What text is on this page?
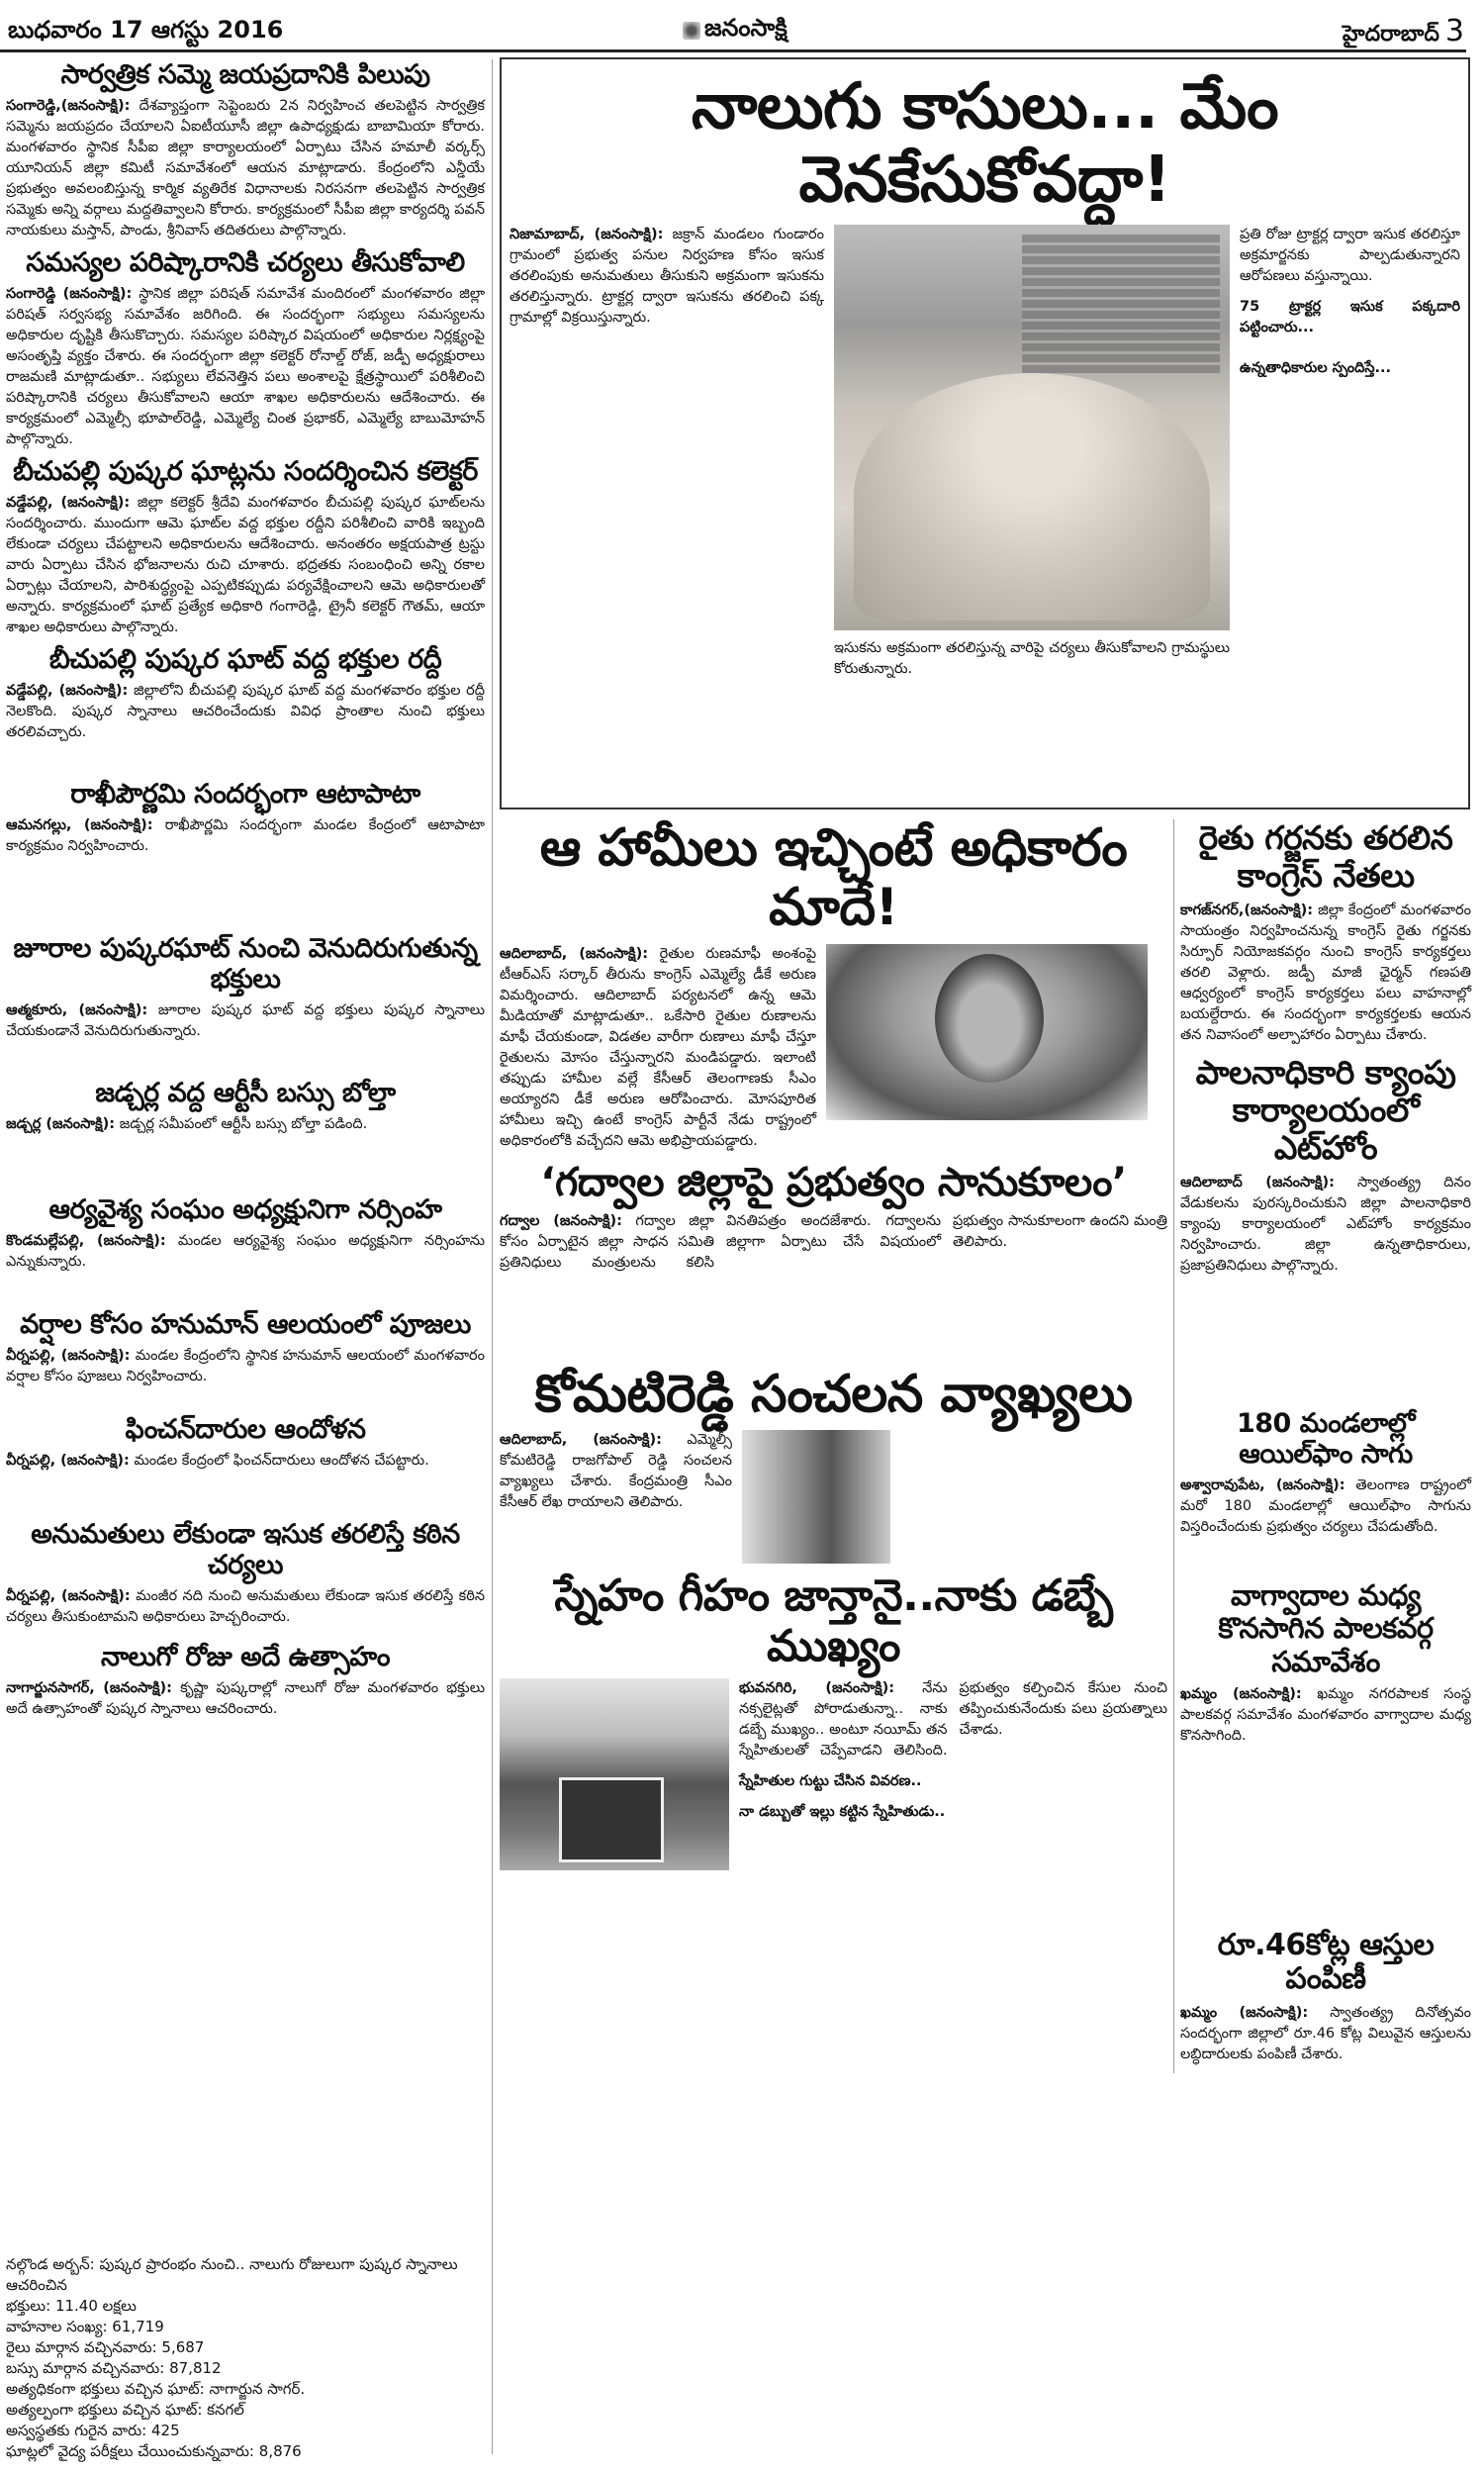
బుధవారం 17 ఆగస్టు 2016	జనంసాక్షి	హైదరాబాద్ 3
సార్వత్రిక సమ్మె జయప్రదానికి పిలుపు

సంగారెడ్డి,(జనంసాక్షి): దేశవ్యాప్తంగా సెప్టెంబరు 2న నిర్వహించ తలపెట్టిన సార్వత్రిక సమ్మెను జయప్రదం చేయాలని ఏఐటీయూసీ జిల్లా ఉపాధ్యక్షుడు బాబామియా కోరారు. మంగళవారం స్థానిక సీపీఐ జిల్లా కార్యాలయంలో ఏర్పాటు చేసిన హమాలీ వర్కర్స్ యూనియన్ జిల్లా కమిటీ సమావేశంలో ఆయన మాట్లాడారు. కేంద్రంలోని ఎన్డీయే ప్రభుత్వం అవలంబిస్తున్న కార్మిక వ్యతిరేక విధానాలకు నిరసనగా తలపెట్టిన సార్వత్రిక సమ్మెకు అన్ని వర్గాలు మద్దతివ్వాలని కోరారు. కార్యక్రమంలో సీపీఐ జిల్లా కార్యదర్శి పవన్ నాయకులు మస్తాన్, పాండు, శ్రీనివాస్ తదితరులు పాల్గొన్నారు.

సమస్యల పరిష్కారానికి చర్యలు తీసుకోవాలి

సంగారెడ్డి (జనంసాక్షి): స్థానిక జిల్లా పరిషత్ సమావేశ మందిరంలో మంగళవారం జిల్లా పరిషత్ సర్వసభ్య సమావేశం జరిగింది. ఈ సందర్భంగా సభ్యులు సమస్యలను అధికారుల దృష్టికి తీసుకొచ్చారు. సమస్యల పరిష్కార విషయంలో అధికారుల నిర్లక్ష్యంపై అసంతృప్తి వ్యక్తం చేశారు. ఈ సందర్భంగా జిల్లా కలెక్టర్ రోనాల్డ్ రోజ్, జడ్పీ అధ్యక్షురాలు రాజమణి మాట్లాడుతూ.. సభ్యులు లేవనెత్తిన పలు అంశాలపై క్షేత్రస్థాయిలో పరిశీలించి పరిష్కారానికి చర్యలు తీసుకోవాలని ఆయా శాఖల అధికారులను ఆదేశించారు. ఈ కార్యక్రమంలో ఎమ్మెల్సీ భూపాల్‌రెడ్డి, ఎమ్మెల్యే చింత ప్రభాకర్, ఎమ్మెల్యే బాబుమోహన్ పాల్గొన్నారు.

బీచుపల్లి పుష్కర ఘాట్లను సందర్శించిన కలెక్టర్

వడ్డేపల్లి, (జనంసాక్షి): జిల్లా కలెక్టర్ శ్రీదేవి మంగళవారం బీచుపల్లి పుష్కర ఘాట్‌లను సందర్శించారు. ముందుగా ఆమె ఘాట్‌ల వద్ద భక్తుల రద్దీని పరిశీలించి వారికి ఇబ్బంది లేకుండా చర్యలు చేపట్టాలని అధికారులను ఆదేశించారు. అనంతరం అక్షయపాత్ర ట్రస్టు వారు ఏర్పాటు చేసిన భోజనాలను రుచి చూశారు. భద్రతకు సంబంధించి అన్ని రకాల ఏర్పాట్లు చేయాలని, పారిశుద్ధ్యంపై ఎప్పటికప్పుడు పర్యవేక్షించాలని ఆమె అధికారులతో అన్నారు. కార్యక్రమంలో ఘాట్ ప్రత్యేక అధికారి గంగారెడ్డి, ట్రైనీ కలెక్టర్ గౌతమ్, ఆయా శాఖల అధికారులు పాల్గొన్నారు.

బీచుపల్లి పుష్కర ఘాట్ వద్ద భక్తుల రద్దీ

వడ్డేపల్లి, (జనంసాక్షి): జిల్లాలోని బీచుపల్లి పుష్కర ఘాట్ వద్ద మంగళవారం భక్తుల రద్దీ నెలకొంది. పుష్కర స్నానాలు ఆచరించేందుకు వివిధ ప్రాంతాల నుంచి భక్తులు తరలివచ్చారు.

రాఖీపౌర్ణమి సందర్భంగా ఆటాపాటా

ఆమనగల్లు, (జనంసాక్షి): రాఖీపౌర్ణమి సందర్భంగా మండల కేంద్రంలో ఆటాపాటా కార్యక్రమం నిర్వహించారు.

జూరాల పుష్కరఘాట్ నుంచి వెనుదిరుగుతున్న భక్తులు

ఆత్మకూరు, (జనంసాక్షి): జూరాల పుష్కర ఘాట్ వద్ద భక్తులు పుష్కర స్నానాలు చేయకుండానే వెనుదిరుగుతున్నారు.

జడ్చర్ల వద్ద ఆర్టీసీ బస్సు బోల్తా

జడ్చర్ల (జనంసాక్షి): జడ్చర్ల సమీపంలో ఆర్టీసీ బస్సు బోల్తా పడింది.

ఆర్యవైశ్య సంఘం అధ్యక్షునిగా నర్సింహ

కొండమల్లేపల్లి, (జనంసాక్షి): మండల ఆర్యవైశ్య సంఘం అధ్యక్షునిగా నర్సింహను ఎన్నుకున్నారు.

వర్షాల కోసం హనుమాన్ ఆలయంలో పూజలు

వీర్నపల్లి, (జనంసాక్షి): మండల కేంద్రంలోని స్థానిక హనుమాన్ ఆలయంలో మంగళవారం వర్షాల కోసం పూజలు నిర్వహించారు.

ఫించన్‌దారుల ఆందోళన

వీర్నపల్లి, (జనంసాక్షి): మండల కేంద్రంలో ఫించన్‌దారులు ఆందోళన చేపట్టారు.

అనుమతులు లేకుండా ఇసుక తరలిస్తే కఠిన చర్యలు

వీర్నపల్లి, (జనంసాక్షి): మంజీర నది నుంచి అనుమతులు లేకుండా ఇసుక తరలిస్తే కఠిన చర్యలు తీసుకుంటామని అధికారులు హెచ్చరించారు.

నాలుగో రోజు అదే ఉత్సాహం

నాగార్జునసాగర్, (జనంసాక్షి): కృష్ణా పుష్కరాల్లో నాలుగో రోజు మంగళవారం భక్తులు అదే ఉత్సాహంతో పుష్కర స్నానాలు ఆచరించారు.

నల్గొండ అర్బన్: పుష్కర ప్రారంభం నుంచి.. నాలుగు రోజులుగా పుష్కర స్నానాలు ఆచరించిన

భక్తులు: 11.40 లక్షలు

వాహనాల సంఖ్య: 61,719

రైలు మార్గాన వచ్చినవారు: 5,687

బస్సు మార్గాన వచ్చినవారు: 87,812

అత్యధికంగా భక్తులు వచ్చిన ఘాట్: నాగార్జున సాగర్.

అత్యల్పంగా భక్తులు వచ్చిన ఘాట్: కనగల్

అస్వస్థతకు గురైన వారు: 425

ఘాట్లలో వైద్య పరీక్షలు చేయించుకున్నవారు: 8,876

నాలుగు కాసులు... మేం వెనకేసుకోవద్దా!

నిజామాబాద్, (జనంసాక్షి): జక్రాన్ మండలం గుండారం గ్రామంలో ప్రభుత్వ పనుల నిర్వహణ కోసం ఇసుక తరలింపుకు అనుమతులు తీసుకుని అక్రమంగా ఇసుకను తరలిస్తున్నారు. ట్రాక్టర్ల ద్వారా ఇసుకను తరలించి పక్క గ్రామాల్లో విక్రయిస్తున్నారు.

ఇసుకను అక్రమంగా తరలిస్తున్న వారిపై చర్యలు తీసుకోవాలని గ్రామస్థులు కోరుతున్నారు.

ప్రతి రోజు ట్రాక్టర్ల ద్వారా ఇసుక తరలిస్తూ అక్రమార్జనకు పాల్పడుతున్నారని ఆరోపణలు వస్తున్నాయి.

75 ట్రాక్టర్ల ఇసుక పక్కదారి పట్టించారు...

ఉన్నతాధికారుల స్పందిస్తే...

ఆ హామీలు ఇచ్చింటే అధికారం మాదే!

ఆదిలాబాద్, (జనంసాక్షి): రైతుల రుణమాఫీ అంశంపై టీఆర్‌ఎస్ సర్కార్ తీరును కాంగ్రెస్ ఎమ్మెల్యే డీకే అరుణ విమర్శించారు. ఆదిలాబాద్ పర్యటనలో ఉన్న ఆమె మీడియాతో మాట్లాడుతూ.. ఒకేసారి రైతుల రుణాలను మాఫీ చేయకుండా, విడతల వారీగా రుణాలు మాఫీ చేస్తూ రైతులను మోసం చేస్తున్నారని మండిపడ్డారు. ఇలాంటి తప్పుడు హామీల వల్లే కేసీఆర్ తెలంగాణకు సీఎం అయ్యారని డీకే అరుణ ఆరోపించారు. మోసపూరిత హామీలు ఇచ్చి ఉంటే కాంగ్రెస్ పార్టీనే నేడు రాష్ట్రంలో అధికారంలోకి వచ్చేదని ఆమె అభిప్రాయపడ్డారు.

‘గద్వాల జిల్లాపై ప్రభుత్వం సానుకూలం’

గద్వాల (జనంసాక్షి): గద్వాల జిల్లా కోసం ఏర్పాటైన జిల్లా సాధన సమితి ప్రతినిధులు మంత్రులను కలిసి వినతిపత్రం అందజేశారు. గద్వాలను జిల్లాగా ఏర్పాటు చేసే విషయంలో ప్రభుత్వం సానుకూలంగా ఉందని మంత్రి తెలిపారు.

కోమటిరెడ్డి సంచలన వ్యాఖ్యలు

ఆదిలాబాద్, (జనంసాక్షి): ఎమ్మెల్సీ కోమటిరెడ్డి రాజగోపాల్ రెడ్డి సంచలన వ్యాఖ్యలు చేశారు. కేంద్రమంత్రి సీఎం కేసీఆర్‌ లేఖ రాయాలని తెలిపారు.

స్నేహం గీహం జాన్తానై..నాకు డబ్బే ముఖ్యం

భువనగిరి, (జనంసాక్షి): నేను నక్సలైట్లతో పోరాడుతున్నా.. నాకు డబ్బే ముఖ్యం.. అంటూ నయీమ్ తన స్నేహితులతో చెప్పేవాడని తెలిసింది. ప్రభుత్వం కల్పించిన కేసుల నుంచి తప్పించుకునేందుకు పలు ప్రయత్నాలు చేశాడు.

స్నేహితుల గుట్టు చేసిన వివరణ..

నా డబ్బుతో ఇల్లు కట్టిన స్నేహితుడు..

రైతు గర్జనకు తరలిన కాంగ్రెస్ నేతలు

కాగజ్‌నగర్,(జనంసాక్షి): జిల్లా కేంద్రంలో మంగళవారం సాయంత్రం నిర్వహించనున్న కాంగ్రెస్ రైతు గర్జనకు సిర్పూర్ నియోజకవర్గం నుంచి కాంగ్రెస్ కార్యకర్తలు తరలి వెళ్లారు. జడ్పీ మాజీ ఛైర్మన్ గణపతి ఆధ్వర్యంలో కాంగ్రెస్ కార్యకర్తలు పలు వాహనాల్లో బయల్దేరారు. ఈ సందర్భంగా కార్యకర్తలకు ఆయన తన నివాసంలో అల్పాహారం ఏర్పాటు చేశారు.

పాలనాధికారి క్యాంపు కార్యాలయంలో ఎట్‌హోం

ఆదిలాబాద్ (జనంసాక్షి): స్వాతంత్య్ర దినం వేడుకలను పురస్కరించుకుని జిల్లా పాలనాధికారి క్యాంపు కార్యాలయంలో ఎట్‌హోం కార్యక్రమం నిర్వహించారు. జిల్లా ఉన్నతాధికారులు, ప్రజాప్రతినిధులు పాల్గొన్నారు.

180 మండలాల్లో ఆయిల్‌ఫాం సాగు

అశ్వారావుపేట, (జనంసాక్షి): తెలంగాణ రాష్ట్రంలో మరో 180 మండలాల్లో ఆయిల్‌ఫాం సాగును విస్తరించేందుకు ప్రభుత్వం చర్యలు చేపడుతోంది.

వాగ్వాదాల మధ్య కొనసాగిన పాలకవర్గ సమావేశం

ఖమ్మం (జనంసాక్షి): ఖమ్మం నగరపాలక సంస్థ పాలకవర్గ సమావేశం మంగళవారం వాగ్వాదాల మధ్య కొనసాగింది.

రూ.46కోట్ల ఆస్తుల పంపిణీ

ఖమ్మం (జనంసాక్షి): స్వాతంత్య్ర దినోత్సవం సందర్భంగా జిల్లాలో రూ.46 కోట్ల విలువైన ఆస్తులను లబ్ధిదారులకు పంపిణీ చేశారు.
